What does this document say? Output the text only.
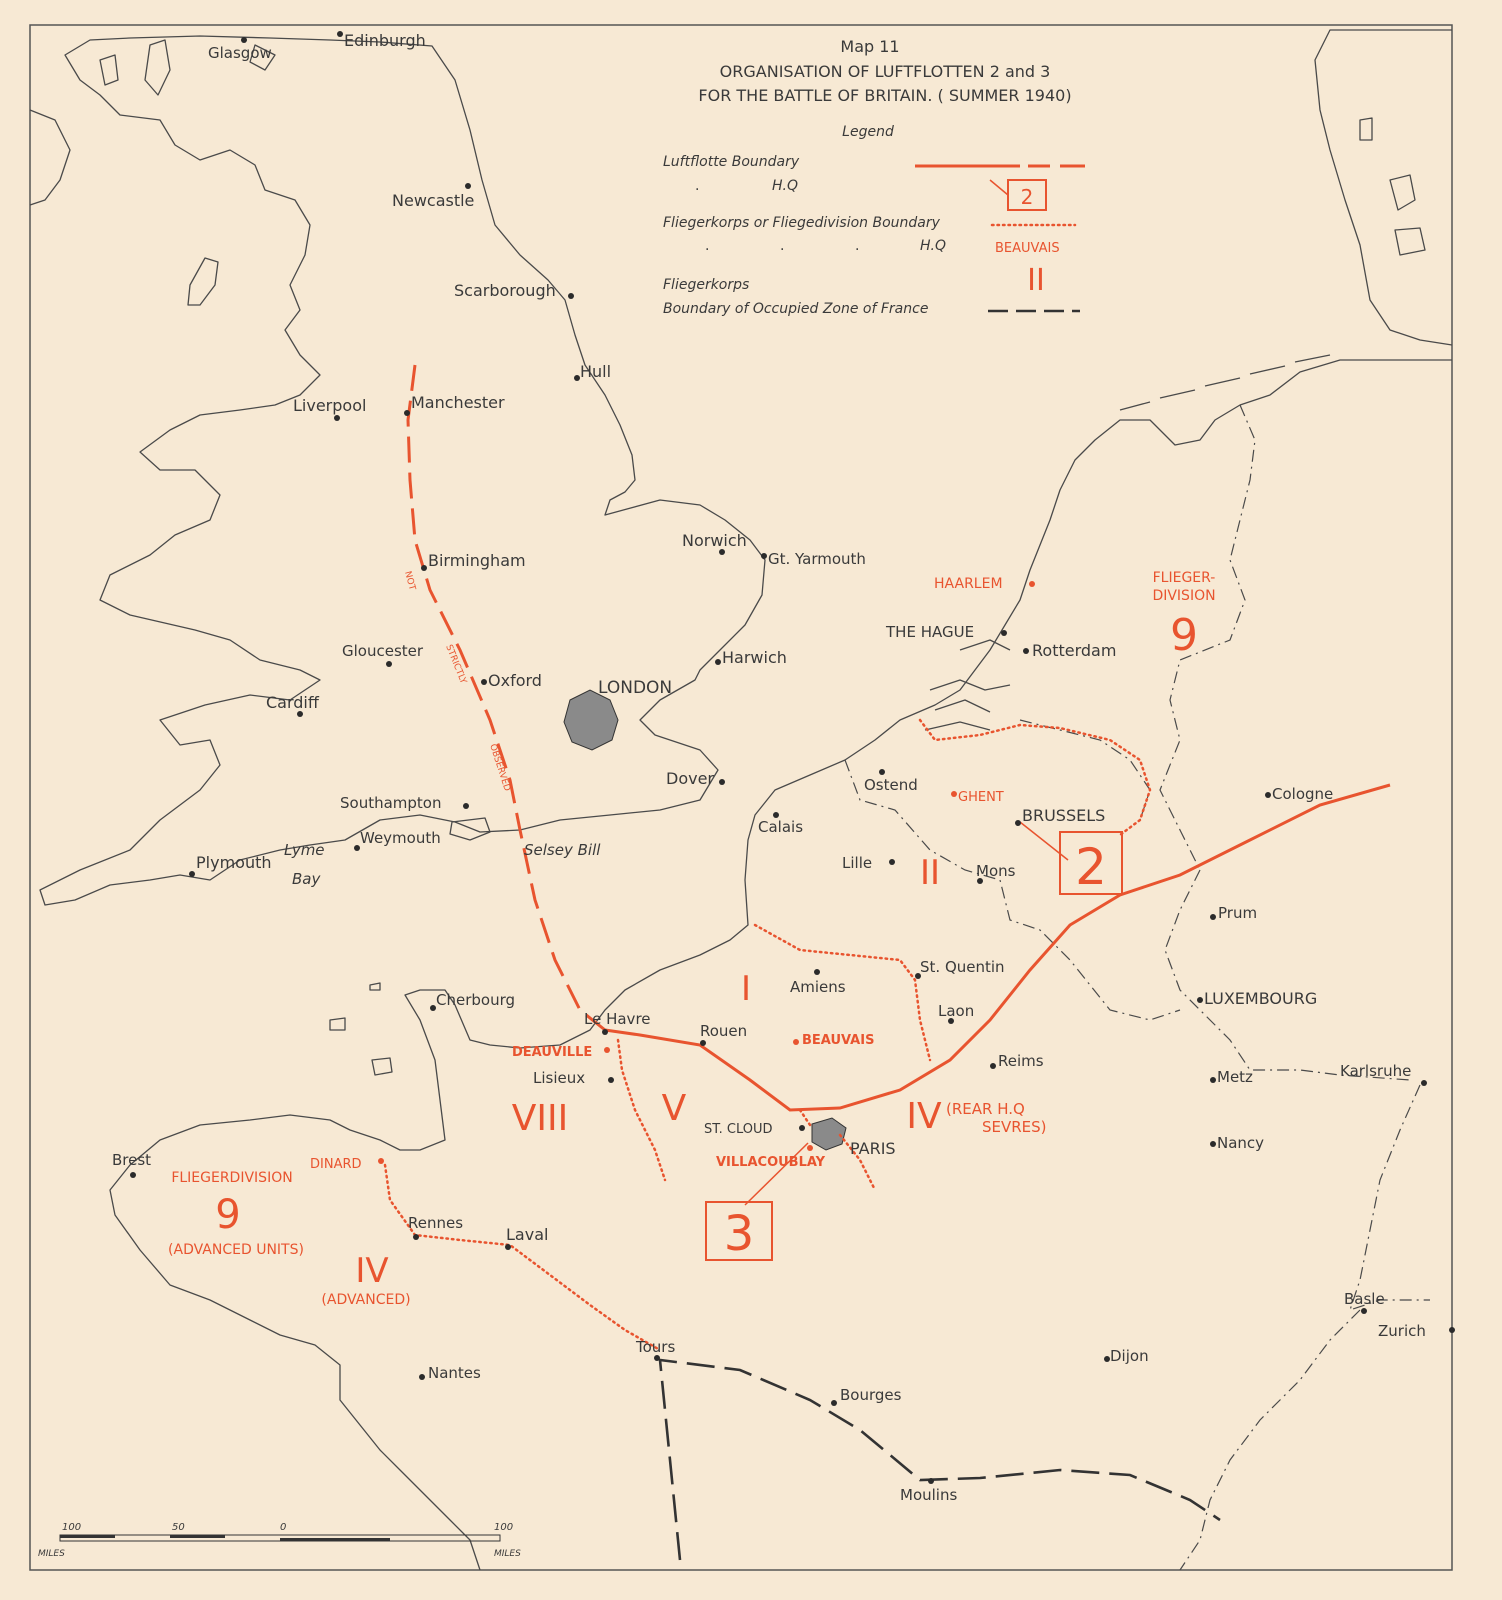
Map 11
ORGANISATION OF LUFTFLOTTEN 2 and 3
FOR THE BATTLE OF BRITAIN. ( SUMMER 1940)
Legend
Luftflotte Boundary
.	H.Q	2
Fliegerkorps or Fliegedivision Boundary
.	.	.	H.Q	BEAUVAIS
II
Fliegerkorps
Boundary of Occupied Zone of France
Glasgow
Edinburgh
Newcastle
Scarborough
Hull
Liverpool	Manchester
Birmingham
Norwich
Gt. Yarmouth
Harwich
Gloucester
Oxford	LONDON
Cardiff
Dover
Southampton
Weymouth
Selsey Bill
Lyme
Bay
Plymouth
THE HAGUE
Rotterdam
Ostend
Calais
BRUSSELS
Cologne
Lille	Mons
Prum
St. Quentin
Amiens
Cherbourg
Le Havre
Rouen
Laon
LUXEMBOURG
Lisieux
Reims
Metz	Karlsruhe
ST. CLOUD
PARIS	Nancy
Brest
Rennes
Laval
Basle
Zurich
Tours	Dijon
Nantes
Bourges
Moulins
HAARLEM
GHENT
DEAUVILLE
BEAUVAIS
VILLACOUBLAY
DINARD
FLIEGER-
DIVISION
9
FLIEGERDIVISION
9
(ADVANCED UNITS)
IV
(ADVANCED)
I
II
V
VIII	IV (REAR H.Q
SEVRES)
2
3
NOT
STRICTLY
OBSERVED
100	50	0	100
MILES	MILES
